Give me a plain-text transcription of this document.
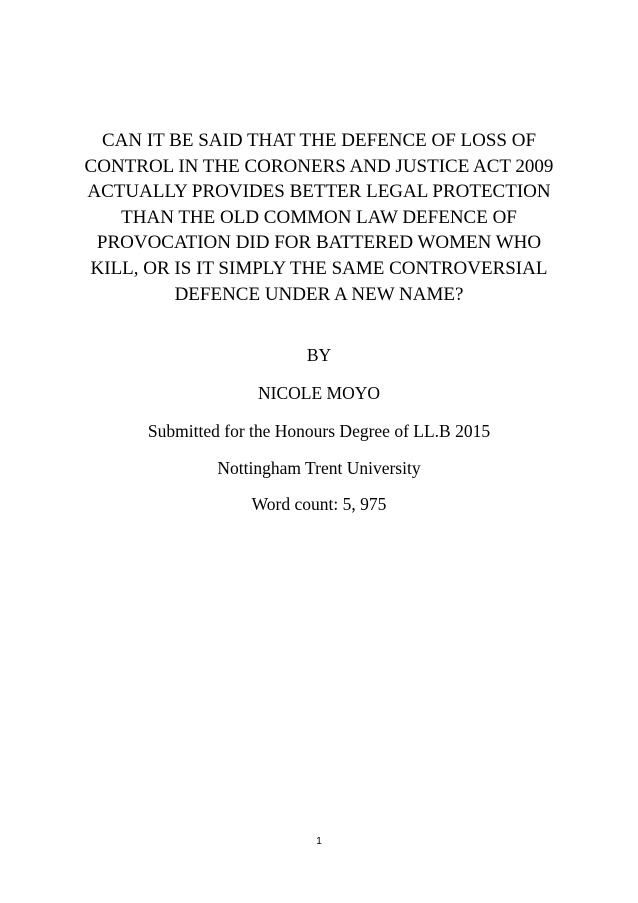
CAN IT BE SAID THAT THE DEFENCE OF LOSS OF
CONTROL IN THE CORONERS AND JUSTICE ACT 2009
ACTUALLY PROVIDES BETTER LEGAL PROTECTION
THAN THE OLD COMMON LAW DEFENCE OF
PROVOCATION DID FOR BATTERED WOMEN WHO
KILL, OR IS IT SIMPLY THE SAME CONTROVERSIAL
DEFENCE UNDER A NEW NAME?
BY
NICOLE MOYO
Submitted for the Honours Degree of LL.B 2015
Nottingham Trent University
Word count: 5, 975
1
